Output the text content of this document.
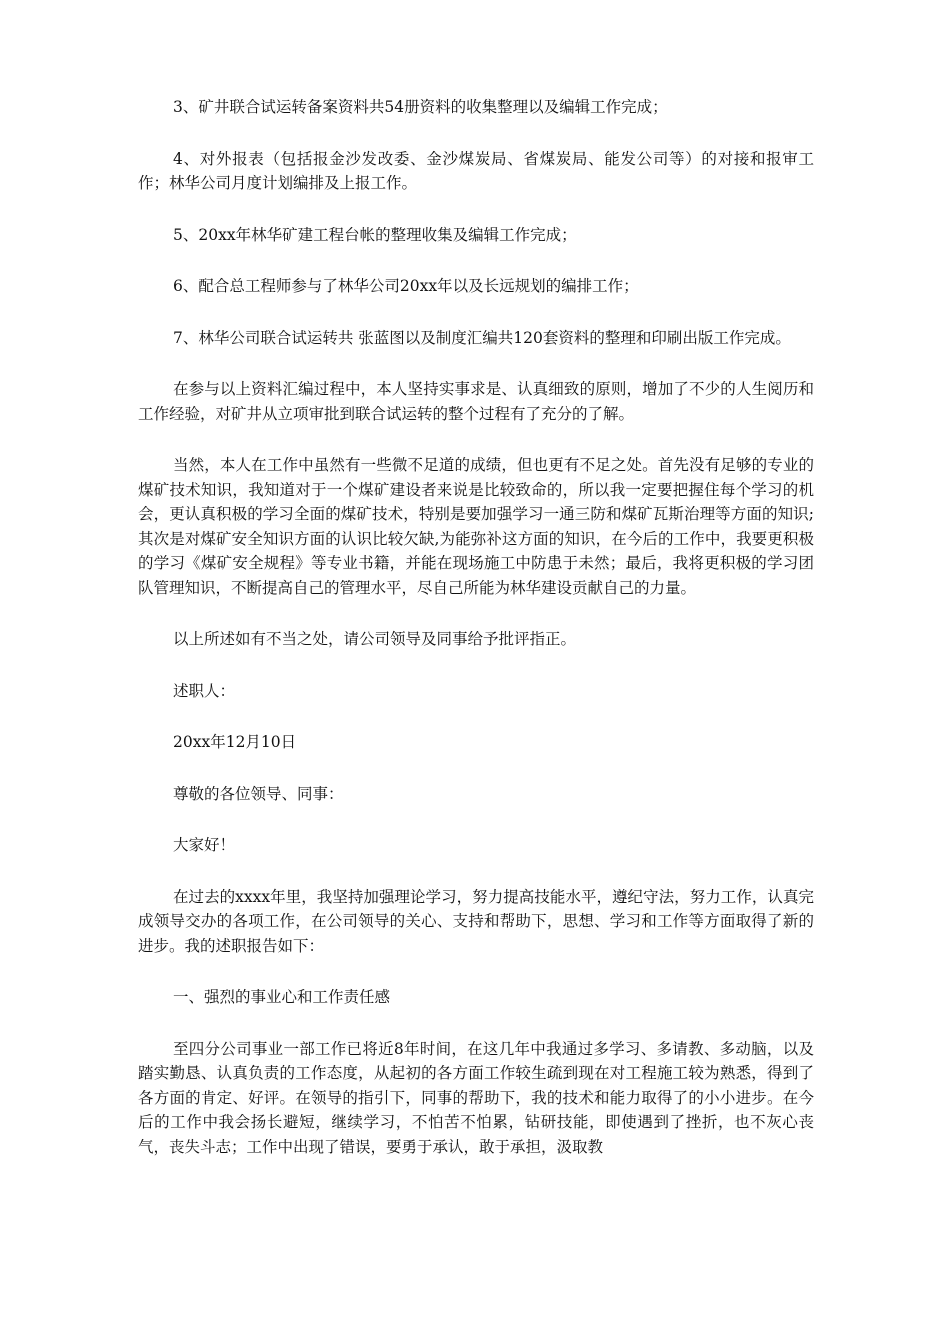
3、矿井联合试运转备案资料共54册资料的收集整理以及编辑工作完成；

4、对外报表（包括报金沙发改委、金沙煤炭局、省煤炭局、能发公司等）的对接和报审工作；林华公司月度计划编排及上报工作。

5、20xx年林华矿建工程台帐的整理收集及编辑工作完成；

6、配合总工程师参与了林华公司20xx年以及长远规划的编排工作；

7、林华公司联合试运转共 张蓝图以及制度汇编共120套资料的整理和印刷出版工作完成。

在参与以上资料汇编过程中，本人坚持实事求是、认真细致的原则，增加了不少的人生阅历和工作经验，对矿井从立项审批到联合试运转的整个过程有了充分的了解。

当然，本人在工作中虽然有一些微不足道的成绩，但也更有不足之处。首先没有足够的专业的煤矿技术知识，我知道对于一个煤矿建设者来说是比较致命的，所以我一定要把握住每个学习的机会，更认真积极的学习全面的煤矿技术，特别是要加强学习一通三防和煤矿瓦斯治理等方面的知识;其次是对煤矿安全知识方面的认识比较欠缺,为能弥补这方面的知识，在今后的工作中，我要更积极的学习《煤矿安全规程》等专业书籍，并能在现场施工中防患于未然；最后，我将更积极的学习团队管理知识，不断提高自己的管理水平，尽自己所能为林华建设贡献自己的力量。

以上所述如有不当之处，请公司领导及同事给予批评指正。

述职人：

20xx年12月10日

尊敬的各位领导、同事：

大家好！

在过去的xxxx年里，我坚持加强理论学习，努力提高技能水平，遵纪守法，努力工作，认真完成领导交办的各项工作，在公司领导的关心、支持和帮助下，思想、学习和工作等方面取得了新的进步。我的述职报告如下：

一、强烈的事业心和工作责任感

至四分公司事业一部工作已将近8年时间，在这几年中我通过多学习、多请教、多动脑，以及踏实勤恳、认真负责的工作态度，从起初的各方面工作较生疏到现在对工程施工较为熟悉，得到了各方面的肯定、好评。在领导的指引下，同事的帮助下，我的技术和能力取得了的小小进步。在今后的工作中我会扬长避短，继续学习，不怕苦不怕累，钻研技能，即使遇到了挫折，也不灰心丧气，丧失斗志；工作中出现了错误，要勇于承认，敢于承担，汲取教
